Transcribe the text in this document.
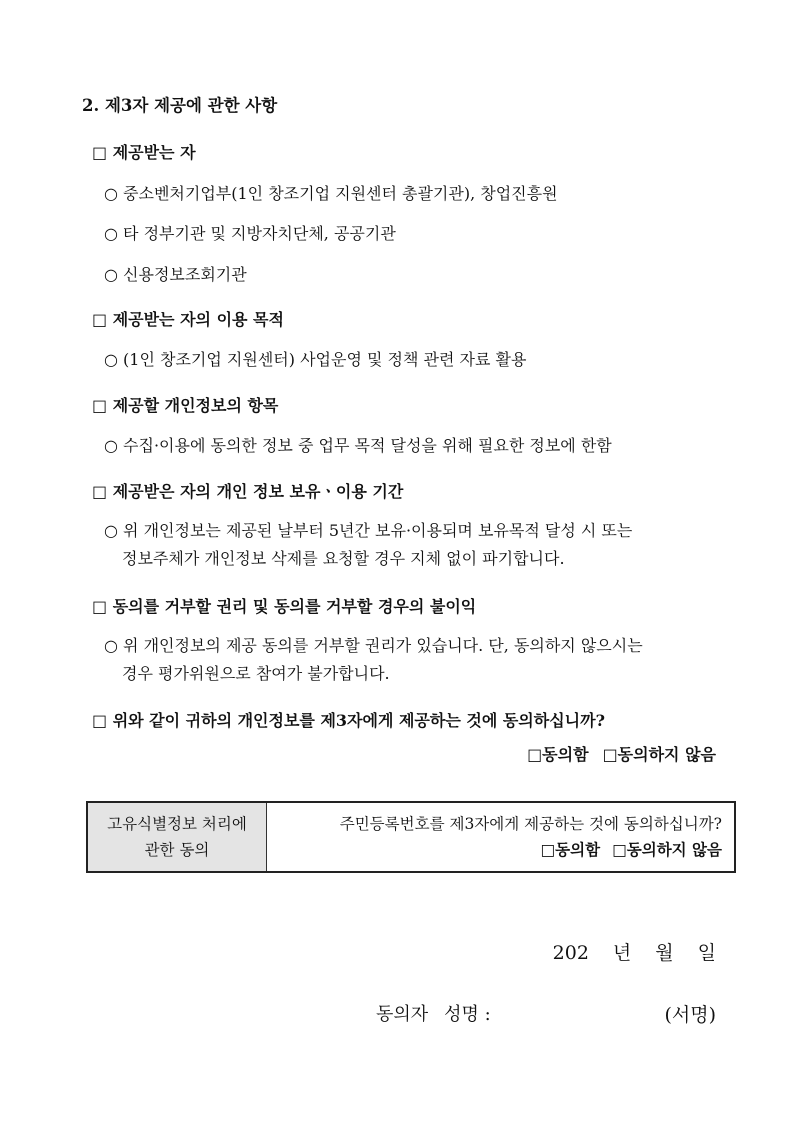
2. 제3자 제공에 관한 사항
□ 제공받는 자
○ 중소벤처기업부(1인 창조기업 지원센터 총괄기관), 창업진흥원
○ 타 정부기관 및 지방자치단체, 공공기관
○ 신용정보조회기관
□ 제공받는 자의 이용 목적
○ (1인 창조기업 지원센터) 사업운영 및 정책 관련 자료 활용
□ 제공할 개인정보의 항목
○ 수집·이용에 동의한 정보 중 업무 목적 달성을 위해 필요한 정보에 한함
□ 제공받은 자의 개인 정보 보유ㆍ이용 기간
○ 위 개인정보는 제공된 날부터 5년간 보유·이용되며 보유목적 달성 시 또는
정보주체가 개인정보 삭제를 요청할 경우 지체 없이 파기합니다.
□ 동의를 거부할 권리 및 동의를 거부할 경우의 불이익
○ 위 개인정보의 제공 동의를 거부할 권리가 있습니다. 단, 동의하지 않으시는
경우 평가위원으로 참여가 불가합니다.
□ 위와 같이 귀하의 개인정보를 제3자에게 제공하는 것에 동의하십니까?
□동의함 □동의하지 않음
고유식별정보 처리에
관한 동의
주민등록번호를 제3자에게 제공하는 것에 동의하십니까?
□동의함 □동의하지 않음
202 년 월 일
동의자 성명 :	(서명)
